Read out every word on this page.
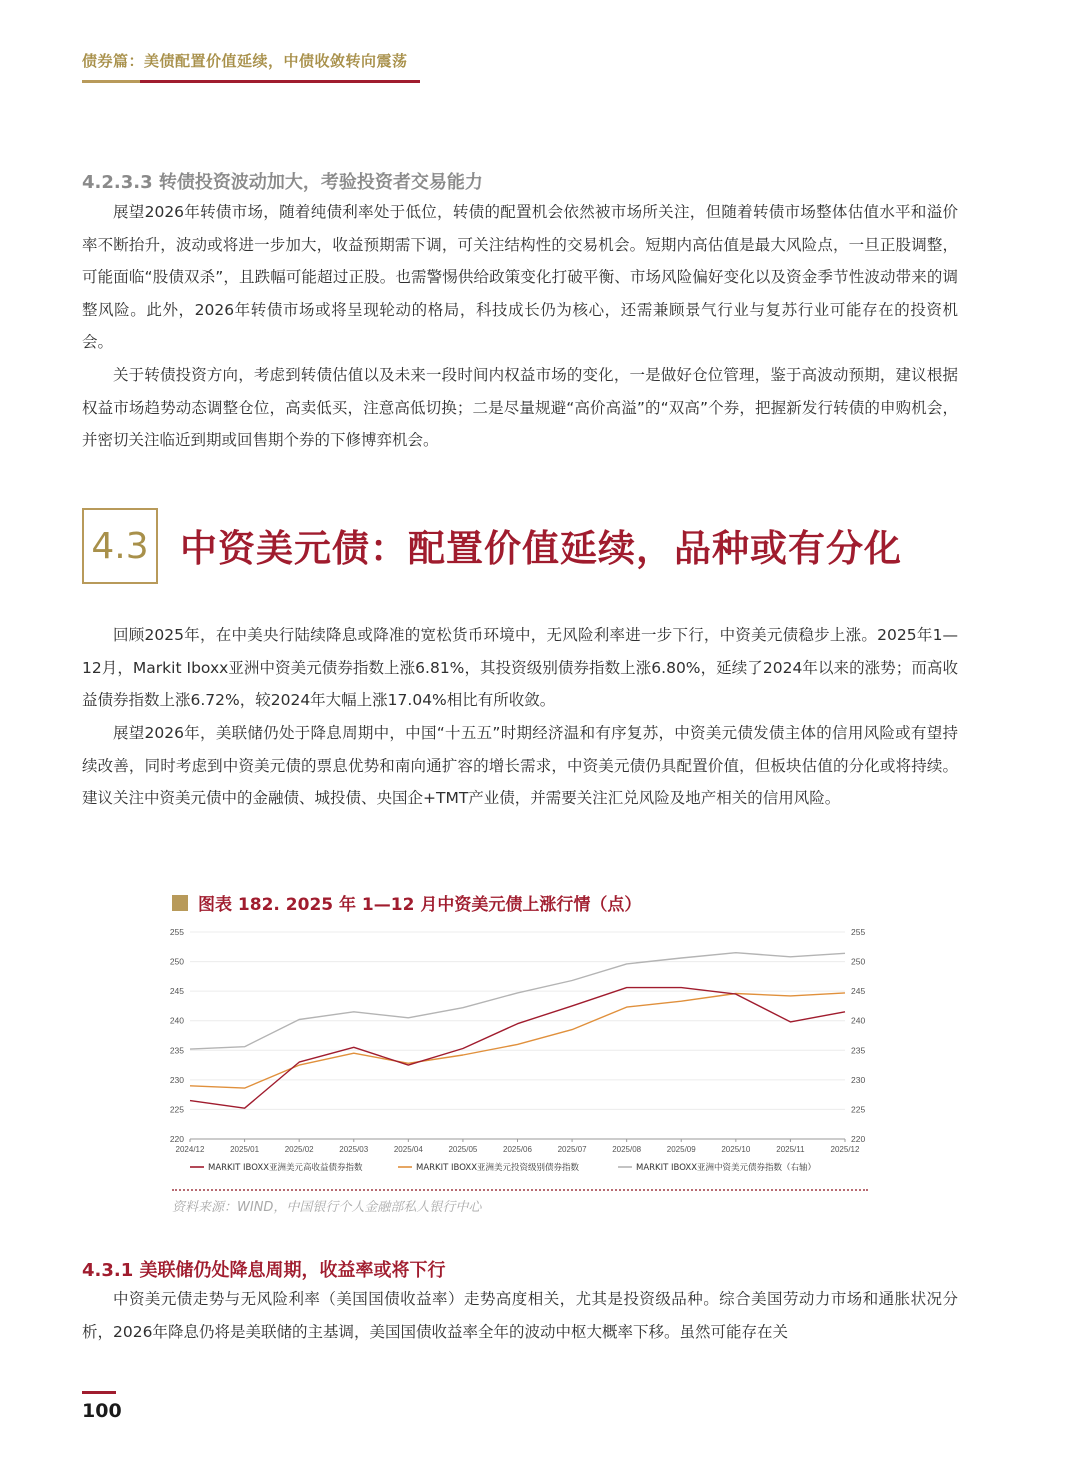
债券篇：美债配置价值延续，中债收敛转向震荡
4.2.3.3 转债投资波动加大，考验投资者交易能力

展望2026年转债市场，随着纯债利率处于低位，转债的配置机会依然被市场所关注，但随着转债市场整体估值水平和溢价率不断抬升，波动或将进一步加大，收益预期需下调，可关注结构性的交易机会。短期内高估值是最大风险点，一旦正股调整，可能面临“股债双杀”，且跌幅可能超过正股。也需警惕供给政策变化打破平衡、市场风险偏好变化以及资金季节性波动带来的调整风险。此外，2026年转债市场或将呈现轮动的格局，科技成长仍为核心，还需兼顾景气行业与复苏行业可能存在的投资机会。

关于转债投资方向，考虑到转债估值以及未来一段时间内权益市场的变化，一是做好仓位管理，鉴于高波动预期，建议根据权益市场趋势动态调整仓位，高卖低买，注意高低切换；二是尽量规避“高价高溢”的“双高”个券，把握新发行转债的申购机会，并密切关注临近到期或回售期个券的下修博弈机会。

4.3 中资美元债：配置价值延续，品种或有分化

回顾2025年，在中美央行陆续降息或降准的宽松货币环境中，无风险利率进一步下行，中资美元债稳步上涨。2025年1—12月，Markit Iboxx亚洲中资美元债券指数上涨6.81%，其投资级别债券指数上涨6.80%，延续了2024年以来的涨势；而高收益债券指数上涨6.72%，较2024年大幅上涨17.04%相比有所收敛。

展望2026年，美联储仍处于降息周期中，中国“十五五”时期经济温和有序复苏，中资美元债发债主体的信用风险或有望持续改善，同时考虑到中资美元债的票息优势和南向通扩容的增长需求，中资美元债仍具配置价值，但板块估值的分化或将持续。建议关注中资美元债中的金融债、城投债、央国企+TMT产业债，并需要关注汇兑风险及地产相关的信用风险。

图表 182. 2025 年 1—12 月中资美元债上涨行情（点）
255
250
245
240
235
230
225
220
255
250
245
240
235
230
225
220
2024/12	2025/01	2025/02	2025/03	2025/04	2025/05	2025/06	2025/07	2025/08	2025/09	2025/10	2025/11	2025/12
MARKIT IBOXX亚洲美元高收益债券指数	MARKIT IBOXX亚洲美元投资级别债券指数	MARKIT IBOXX亚洲中资美元债券指数（右轴）
资料来源：WIND，中国银行个人金融部私人银行中心
4.3.1 美联储仍处降息周期，收益率或将下行

中资美元债走势与无风险利率（美国国债收益率）走势高度相关，尤其是投资级品种。综合美国劳动力市场和通胀状况分析，2026年降息仍将是美联储的主基调，美国国债收益率全年的波动中枢大概率下移。虽然可能存在关

100
